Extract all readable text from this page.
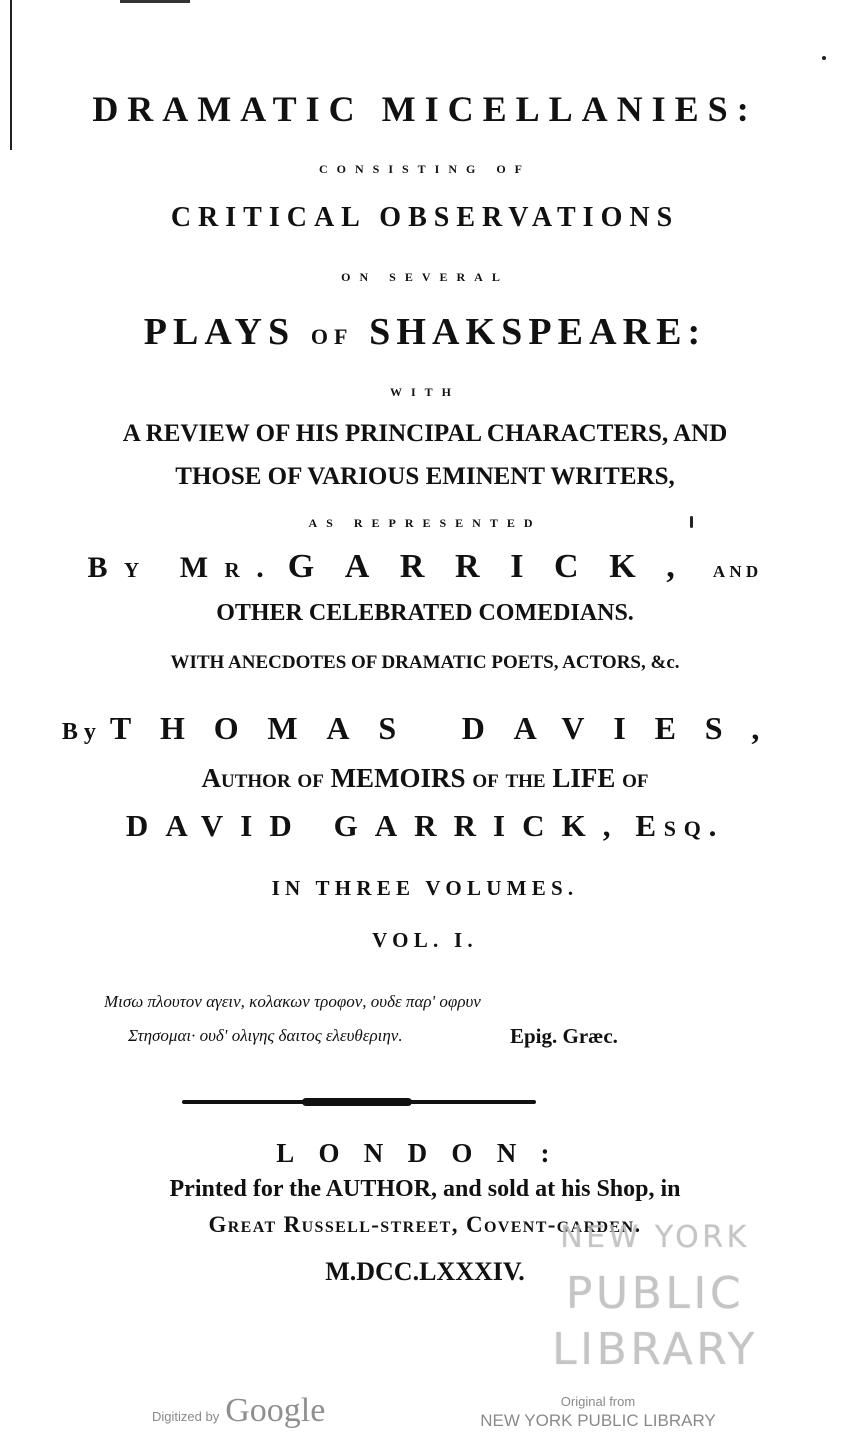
DRAMATIC MICELLANIES:
CONSISTING OF
CRITICAL OBSERVATIONS
ON SEVERAL
PLAYS OF SHAKSPEARE:
WITH
A REVIEW OF HIS PRINCIPAL CHARACTERS, AND
THOSE OF VARIOUS EMINENT WRITERS,
AS REPRESENTED
By Mr. GARRICK, AND
OTHER CELEBRATED COMEDIANS.
WITH ANECDOTES OF DRAMATIC POETS, ACTORS, &c.
By THOMAS DAVIES,
Author of MEMOIRS of the LIFE of
DAVID GARRICK, Esq.
IN THREE VOLUMES.
VOL. I.
Μισω πλουτον αγειν, κολακων τροφον, ουδε παρ' οφρυν
Στησομαι· ουδ' ολιγης δαιτος ελευθεριην.	Epig. Græc.
LONDON:
Printed for the AUTHOR, and sold at his Shop, in
Great Russell-street, Covent-garden.
M.DCC.LXXXIV.
NEW YORK
PUBLIC
LIBRARY
Digitized by Google	Original from
NEW YORK PUBLIC LIBRARY
